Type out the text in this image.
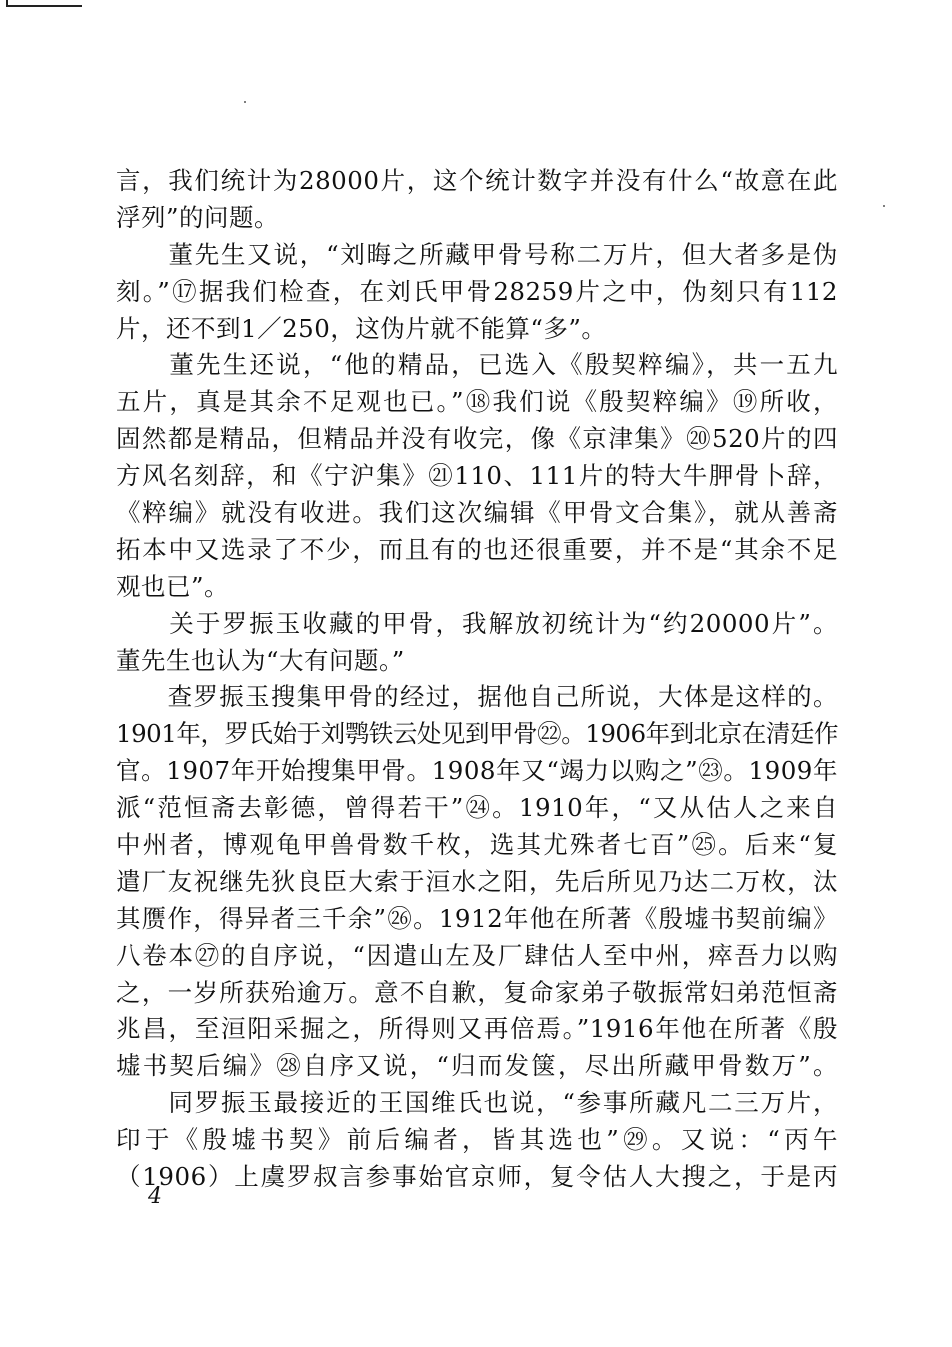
言，我们统计为28000片，这个统计数字并没有什么“故意在此
浮列”的问题。
　　董先生又说，“刘晦之所藏甲骨号称二万片，但大者多是伪
刻。”⑰据我们检查，在刘氏甲骨28259片之中，伪刻只有112
片，还不到1／250，这伪片就不能算“多”。
　　董先生还说，“他的精品，已选入《殷契粹编》，共一五九
五片，真是其余不足观也已。”⑱我们说《殷契粹编》⑲所收，
固然都是精品，但精品并没有收完，像《京津集》⑳520片的四
方风名刻辞，和《宁沪集》㉑110、111片的特大牛胛骨卜辞，
《粹编》就没有收进。我们这次编辑《甲骨文合集》，就从善斋
拓本中又选录了不少，而且有的也还很重要，并不是“其余不足
观也已”。
　　关于罗振玉收藏的甲骨，我解放初统计为“约20000片”。
董先生也认为“大有问题。”
　　查罗振玉搜集甲骨的经过，据他自己所说，大体是这样的。
1901年，罗氏始于刘鹗铁云处见到甲骨㉒。1906年到北京在清廷作
官。1907年开始搜集甲骨。1908年又“竭力以购之”㉓。1909年
派“范恒斋去彰德，曾得若干”㉔。1910年，“又从估人之来自
中州者，博观龟甲兽骨数千枚，选其尤殊者七百”㉕。后来“复
遣厂友祝继先狄良臣大索于洹水之阳，先后所见乃达二万枚，汰
其赝作，得异者三千余”㉖。1912年他在所著《殷墟书契前编》
八卷本㉗的自序说，“因遣山左及厂肆估人至中州，瘁吾力以购
之，一岁所获殆逾万。意不自歉，复命家弟子敬振常妇弟范恒斋
兆昌，至洹阳采掘之，所得则又再倍焉。”1916年他在所著《殷
墟书契后编》㉘自序又说，“归而发箧，尽出所藏甲骨数万”。
　　同罗振玉最接近的王国维氏也说，“参事所藏凡二三万片，
印于《殷墟书契》前后编者，皆其选也”㉙。又说：“丙午
（1906）上虞罗叔言参事始官京师，复令估人大搜之，于是丙
4
